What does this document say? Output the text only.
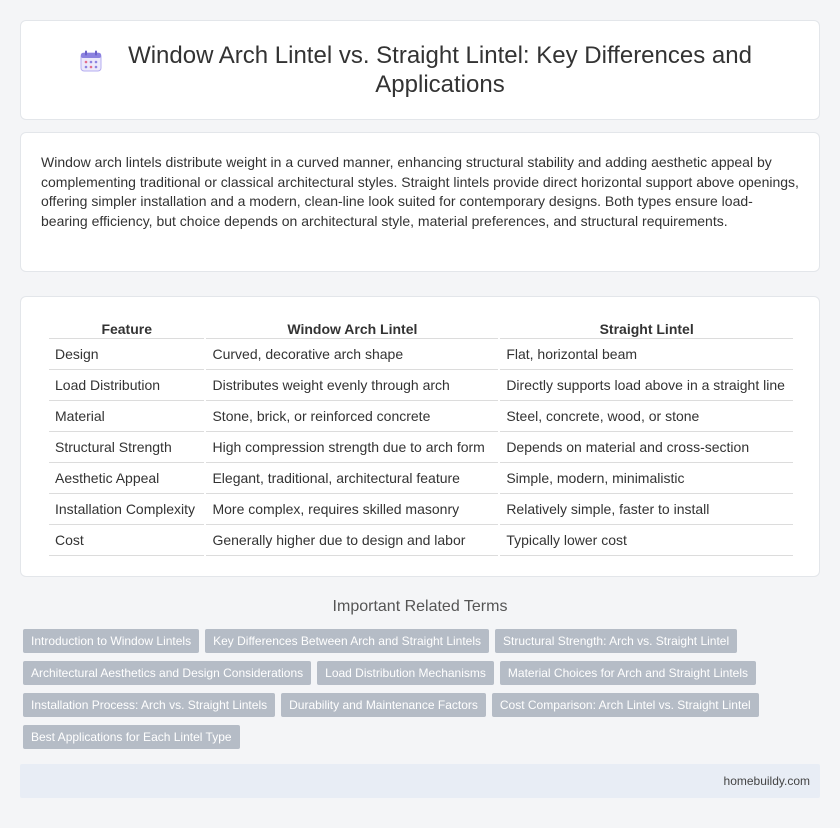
Window Arch Lintel vs. Straight Lintel: Key Differences and Applications

Window arch lintels distribute weight in a curved manner, enhancing structural stability and adding aesthetic appeal by complementing traditional or classical architectural styles. Straight lintels provide direct horizontal support above openings, offering simpler installation and a modern, clean-line look suited for contemporary designs. Both types ensure load-bearing efficiency, but choice depends on architectural style, material preferences, and structural requirements.

Feature	Window Arch Lintel	Straight Lintel
Design	Curved, decorative arch shape	Flat, horizontal beam
Load Distribution	Distributes weight evenly through arch	Directly supports load above in a straight line
Material	Stone, brick, or reinforced concrete	Steel, concrete, wood, or stone
Structural Strength	High compression strength due to arch form	Depends on material and cross-section
Aesthetic Appeal	Elegant, traditional, architectural feature	Simple, modern, minimalistic
Installation Complexity	More complex, requires skilled masonry	Relatively simple, faster to install
Cost	Generally higher due to design and labor	Typically lower cost
Important Related Terms
Introduction to Window Lintels	Key Differences Between Arch and Straight Lintels	Structural Strength: Arch vs. Straight Lintel
Architectural Aesthetics and Design Considerations	Load Distribution Mechanisms	Material Choices for Arch and Straight Lintels
Installation Process: Arch vs. Straight Lintels	Durability and Maintenance Factors	Cost Comparison: Arch Lintel vs. Straight Lintel
Best Applications for Each Lintel Type
homebuildy.com
